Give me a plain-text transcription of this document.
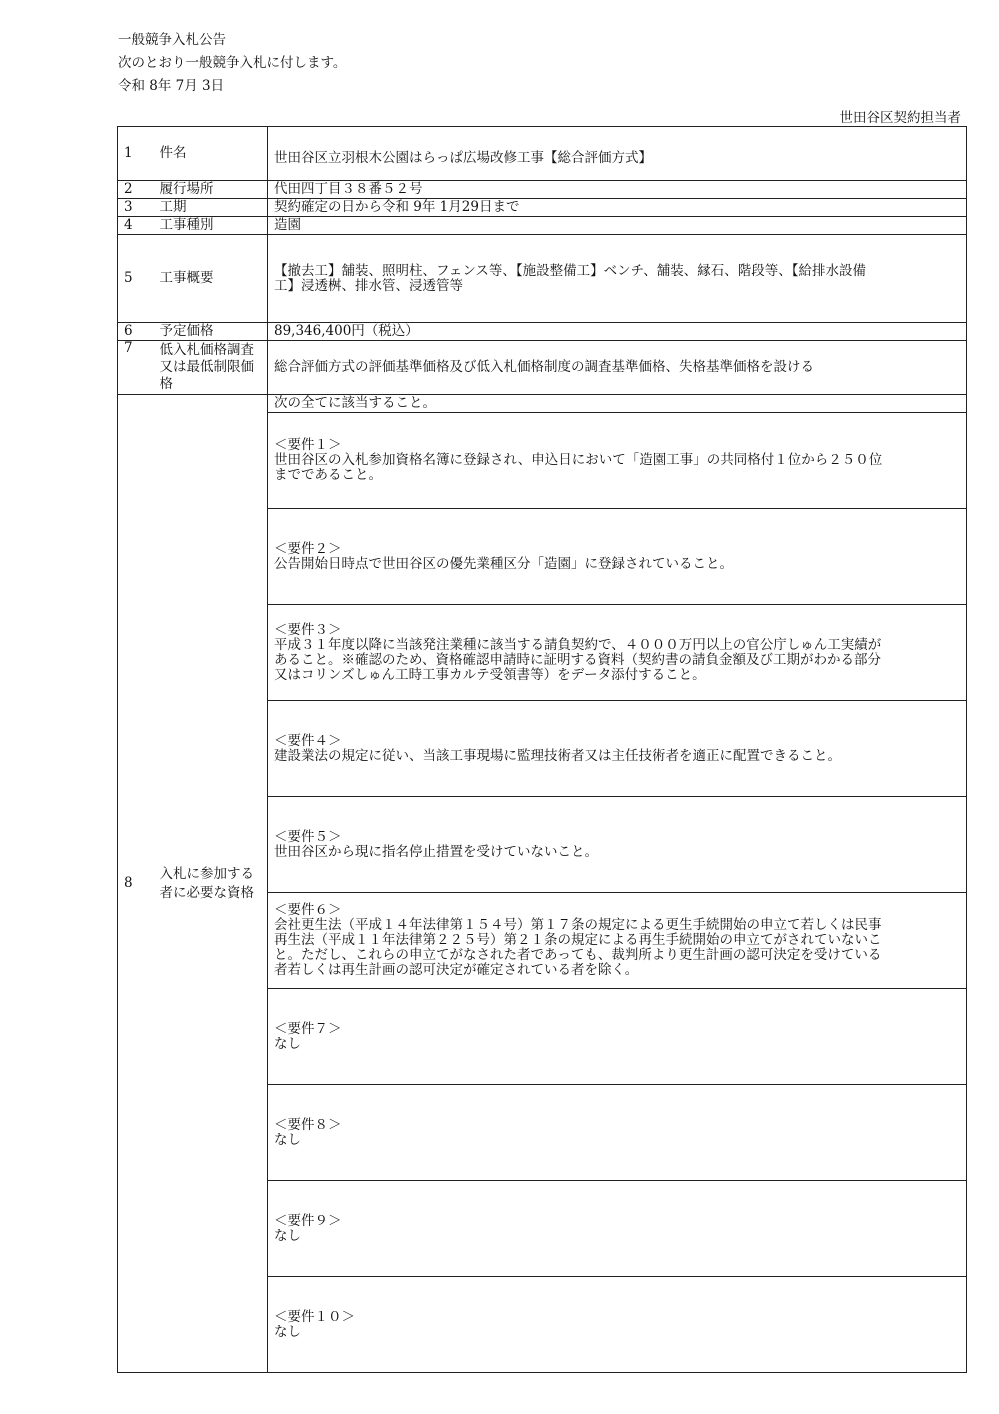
一般競争入札公告
次のとおり一般競争入札に付します。
令和 8年 7月 3日
世田谷区契約担当者
1	件名	世田谷区立羽根木公園はらっぱ広場改修工事【総合評価方式】
2	履行場所	代田四丁目３８番５２号
3	工期	契約確定の日から令和 9年 1月29日まで
4	工事種別	造園
5	工事概要	【撤去工】舗装、照明柱、フェンス等、【施設整備工】ベンチ、舗装、縁石、階段等、【給排水設備工】浸透桝、排水管、浸透管等
6	予定価格	89,346,400円（税込）
7	低入札価格調査又は最低制限価格	総合評価方式の評価基準価格及び低入札価格制度の調査基準価格、失格基準価格を設ける
8	入札に参加する者に必要な資格	次の全てに該当すること。

		＜要件１＞
世田谷区の入札参加資格名簿に登録され、申込日において「造園工事」の共同格付１位から２５０位までであること。

		＜要件２＞
公告開始日時点で世田谷区の優先業種区分「造園」に登録されていること。

		＜要件３＞
平成３１年度以降に当該発注業種に該当する請負契約で、４０００万円以上の官公庁しゅん工実績があること。※確認のため、資格確認申請時に証明する資料（契約書の請負金額及び工期がわかる部分又はコリンズしゅん工時工事カルテ受領書等）をデータ添付すること。

		＜要件４＞
建設業法の規定に従い、当該工事現場に監理技術者又は主任技術者を適正に配置できること。

		＜要件５＞
世田谷区から現に指名停止措置を受けていないこと。

		＜要件６＞
会社更生法（平成１４年法律第１５４号）第１７条の規定による更生手続開始の申立て若しくは民事再生法（平成１１年法律第２２５号）第２１条の規定による再生手続開始の申立てがされていないこと。ただし、これらの申立てがなされた者であっても、裁判所より更生計画の認可決定を受けている者若しくは再生計画の認可決定が確定されている者を除く。

		＜要件７＞
なし

		＜要件８＞
なし

		＜要件９＞
なし

		＜要件１０＞
なし
